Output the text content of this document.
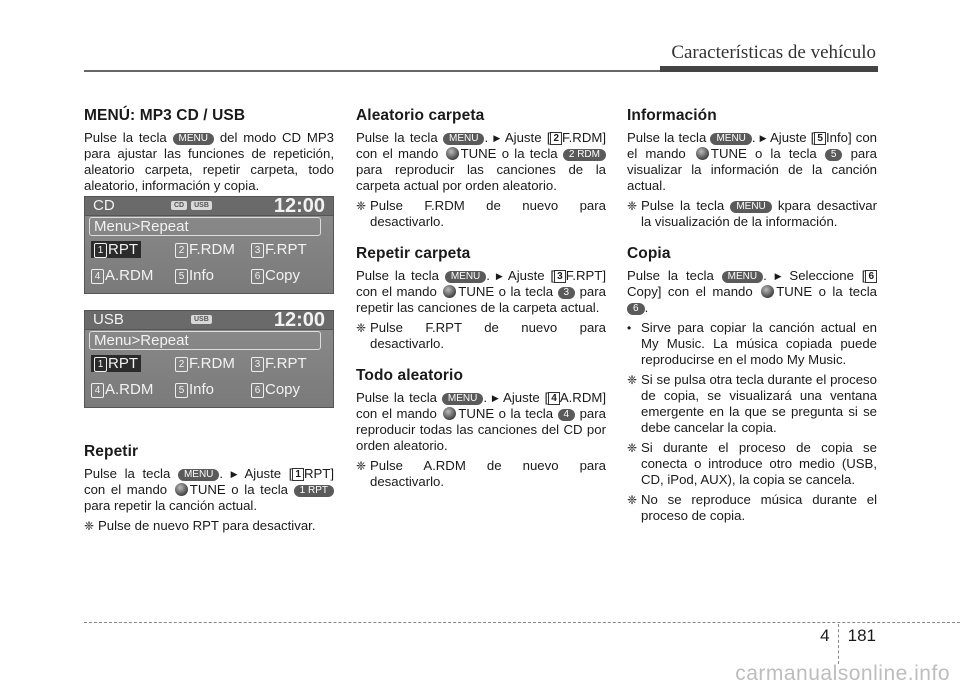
Características de vehículo
MENÚ: MP3 CD / USB

Pulse la tecla MENU del modo CD MP3 para ajustar las funciones de repetición, aleatorio carpeta, repetir carpeta, todo aleatorio, información y copia.

CD	CD	USB	12:00
Menu>Repeat
1 RPT	2 F.RDM	3 F.RPT
4 A.RDM	5 Info	6 Copy
USB	USB	12:00
Menu>Repeat
1 RPT	2 F.RDM	3 F.RPT
4 A.RDM	5 Info	6 Copy
Repetir

Pulse la tecla MENU . ▶ Ajuste [ 1 RPT] con el mando TUNE o la tecla 1 RPT para repetir la canción actual.

❈ Pulse de nuevo RPT para desactivar.
Aleatorio carpeta

Pulse la tecla MENU . ▶ Ajuste [ 2 F.RDM] con el mando TUNE o la tecla 2 RDM para reproducir las canciones de la carpeta actual por orden aleatorio.

❈ Pulse F.RDM de nuevo para desactivarlo.
Repetir carpeta

Pulse la tecla MENU . ▶ Ajuste [ 3 F.RPT] con el mando TUNE o la tecla 3 para repetir las canciones de la carpeta actual.

❈ Pulse F.RPT de nuevo para desactivarlo.
Todo aleatorio

Pulse la tecla MENU . ▶ Ajuste [ 4 A.RDM] con el mando TUNE o la tecla 4 para reproducir todas las canciones del CD por orden aleatorio.

❈ Pulse A.RDM de nuevo para desactivarlo.
Información

Pulse la tecla MENU . ▶ Ajuste [ 5 Info] con el mando TUNE o la tecla 5 para visualizar la información de la canción actual.

❈ Pulse la tecla MENU kpara desactivar la visualización de la información.
Copia

Pulse la tecla MENU . ▶ Seleccione [ 6Copy] con el mando TUNE o la tecla 6 .

• Sirve para copiar la canción actual en My Music. La música copiada puede reproducirse en el modo My Music.
❈ Si se pulsa otra tecla durante el proceso de copia, se visualizará una ventana emergente en la que se pregunta si se debe cancelar la copia.
❈ Si durante el proceso de copia se conecta o introduce otro medio (USB, CD, iPod, AUX), la copia se cancela.
❈ No se reproduce música durante el proceso de copia.
4 181
carmanualsonline.info
